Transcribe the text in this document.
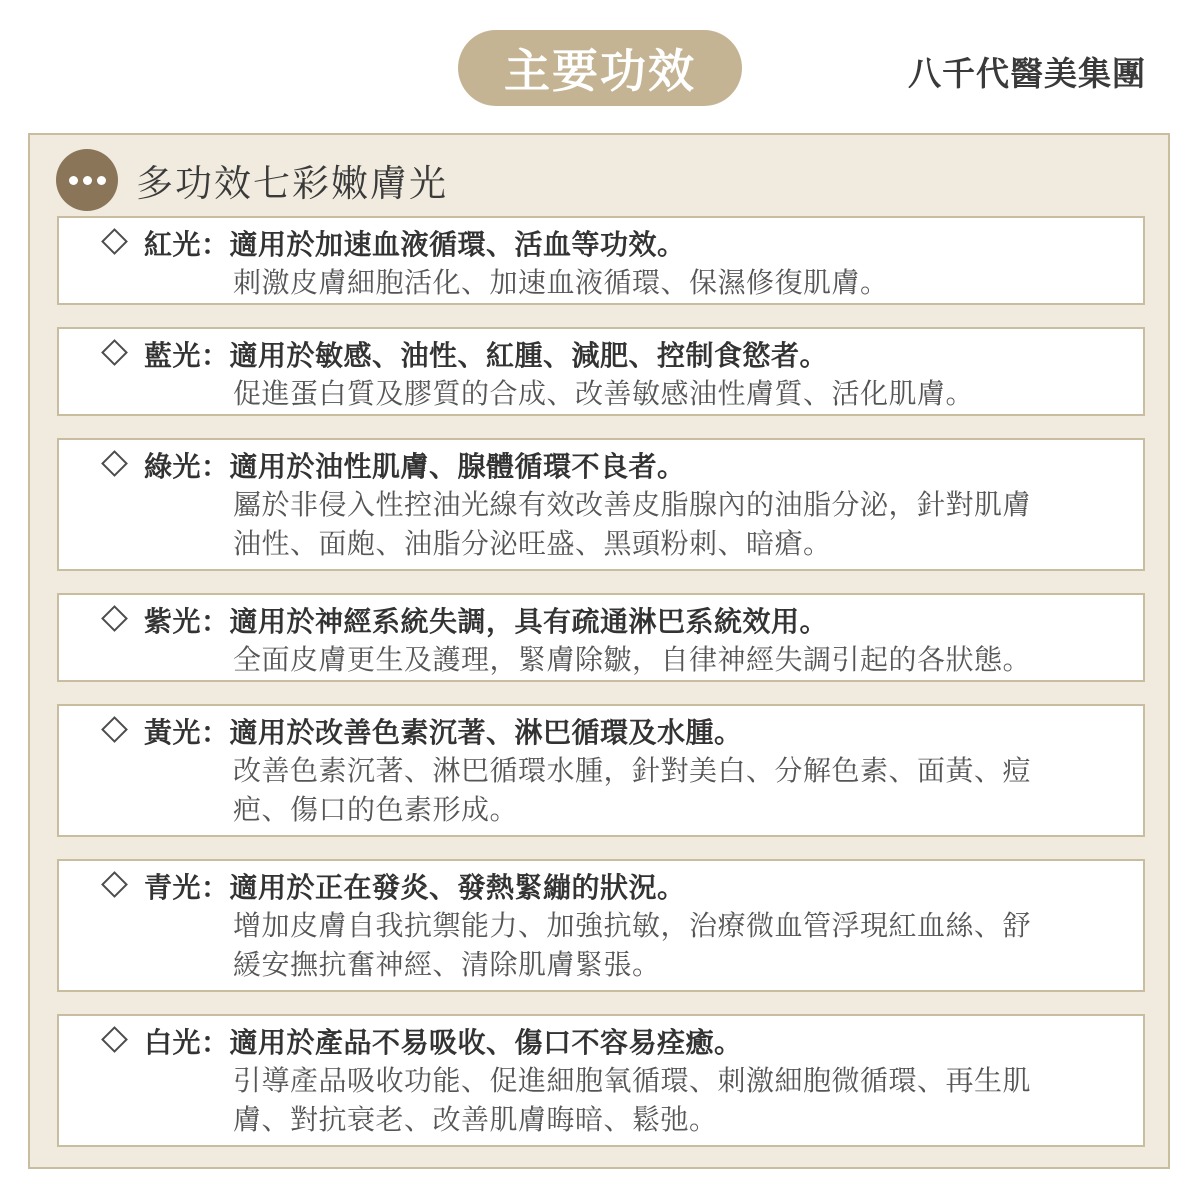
主要功效	八千代醫美集團
多功效七彩嫩膚光
紅光：適用於加速血液循環、活血等功效。
刺激皮膚細胞活化、加速血液循環、保濕修復肌膚。
藍光：適用於敏感、油性、紅腫、減肥、控制食慾者。
促進蛋白質及膠質的合成、改善敏感油性膚質、活化肌膚。
綠光：適用於油性肌膚、腺體循環不良者。
屬於非侵入性控油光線有效改善皮脂腺內的油脂分泌，針對肌膚
油性、面皰、油脂分泌旺盛、黑頭粉刺、暗瘡。
紫光：適用於神經系統失調，具有疏通淋巴系統效用。
全面皮膚更生及護理，緊膚除皺，自律神經失調引起的各狀態。
黃光：適用於改善色素沉著、淋巴循環及水腫。
改善色素沉著、淋巴循環水腫，針對美白、分解色素、面黃、痘
疤、傷口的色素形成。
青光：適用於正在發炎、發熱緊繃的狀況。
增加皮膚自我抗禦能力、加強抗敏，治療微血管浮現紅血絲、舒
緩安撫抗奮神經、清除肌膚緊張。
白光：適用於產品不易吸收、傷口不容易痊癒。
引導產品吸收功能、促進細胞氧循環、刺激細胞微循環、再生肌
膚、對抗衰老、改善肌膚晦暗、鬆弛。
